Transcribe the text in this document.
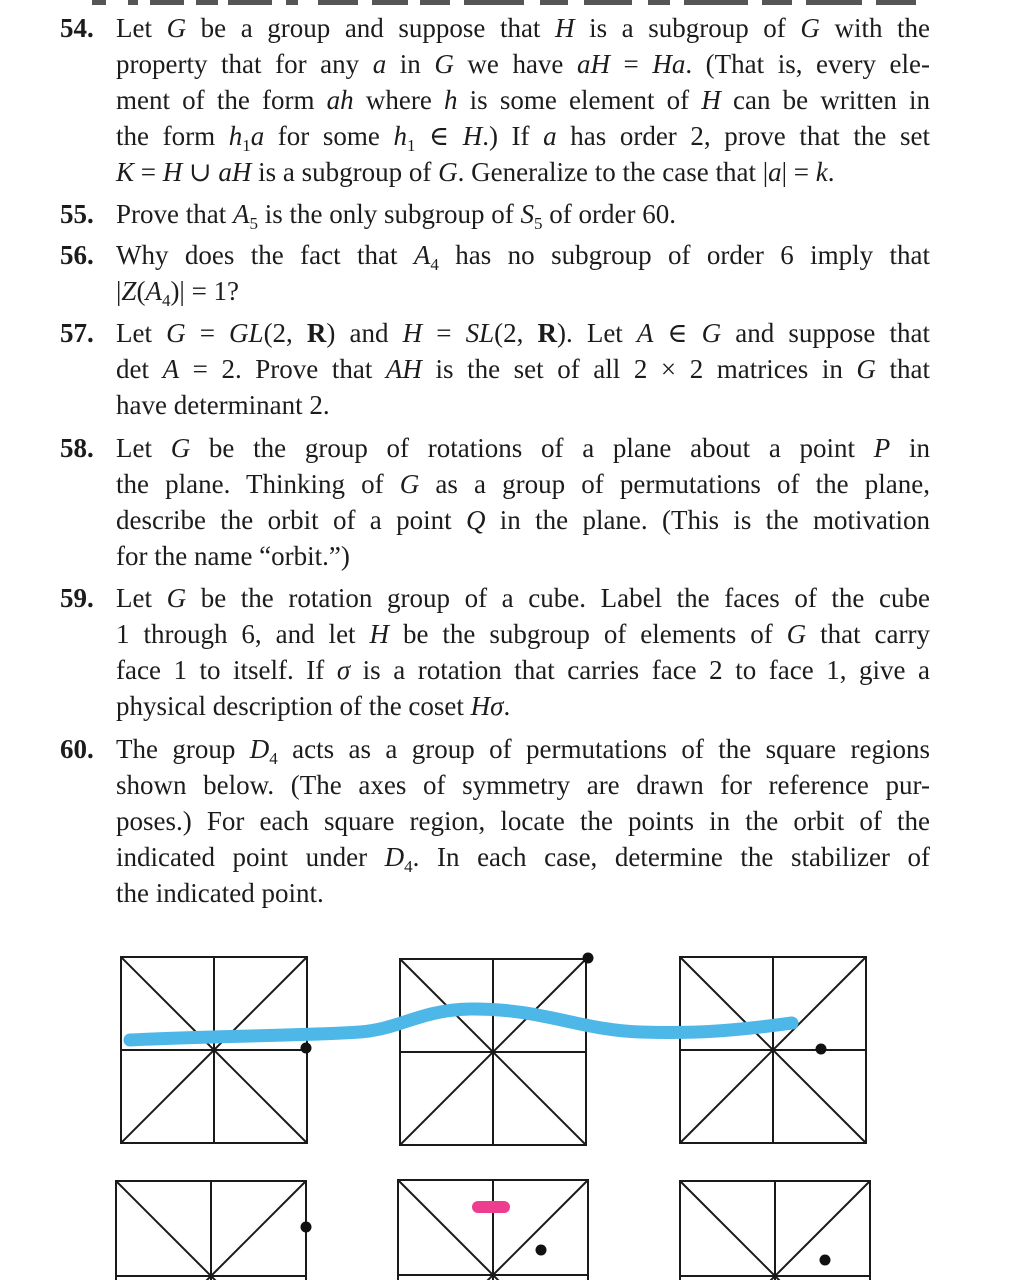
54. Let G be a group and suppose that H is a subgroup of G with the
property that for any a in G we have aH = Ha. (That is, every ele-
ment of the form ah where h is some element of H can be written in
the form $h_1a$ for some $h_1$ ∈ H.) If a has order 2, prove that the set
K = H ∪ aH is a subgroup of G. Generalize to the case that |a| = k.
55. Prove that $A_5$ is the only subgroup of $S_5$ of order 60.
56. Why does the fact that $A_4$ has no subgroup of order 6 imply that
$|Z(A_4)| = 1$?
57. Let G = GL(2, R) and H = SL(2, R). Let A ∈ G and suppose that
det A = 2. Prove that AH is the set of all 2 × 2 matrices in G that
have determinant 2.
58. Let G be the group of rotations of a plane about a point P in
the plane. Thinking of G as a group of permutations of the plane,
describe the orbit of a point Q in the plane. (This is the motivation
for the name “orbit.”)
59. Let G be the rotation group of a cube. Label the faces of the cube
1 through 6, and let H be the subgroup of elements of G that carry
face 1 to itself. If σ is a rotation that carries face 2 to face 1, give a
physical description of the coset Hσ.
60. The group $D_4$ acts as a group of permutations of the square regions
shown below. (The axes of symmetry are drawn for reference pur-
poses.) For each square region, locate the points in the orbit of the
indicated point under $D_4$. In each case, determine the stabilizer of
the indicated point.
